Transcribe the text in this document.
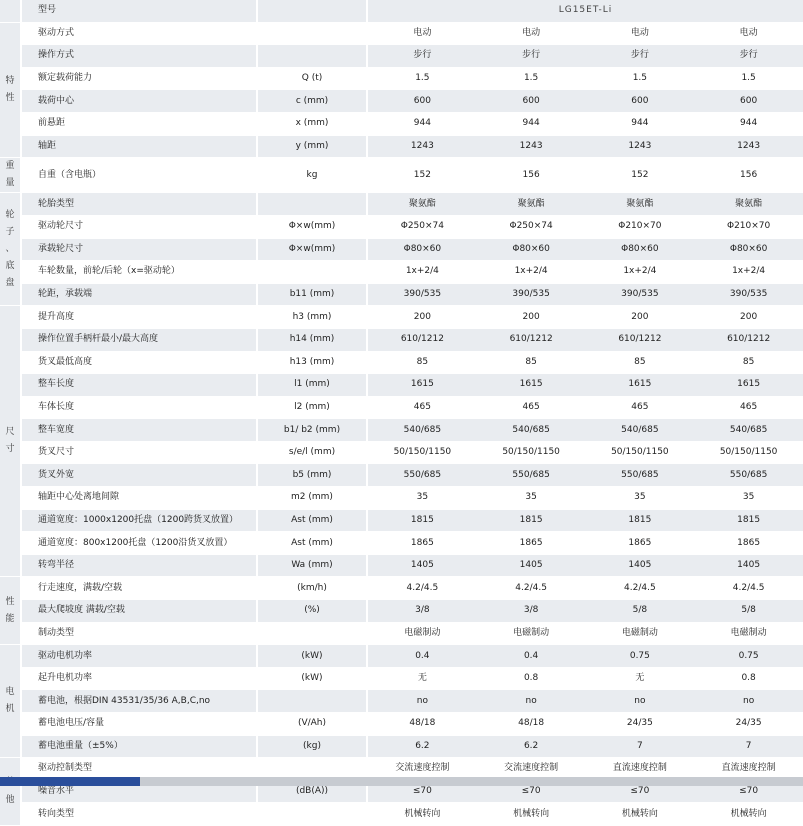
	型号		LG15ET-Li			

特
性	驱动方式		电动	电动	电动	电动
	操作方式		步行	步行	步行	步行
	额定载荷能力	Q (t)	1.5	1.5	1.5	1.5
	载荷中心	c (mm)	600	600	600	600
	前悬距	x (mm)	944	944	944	944
	轴距	y (mm)	1243	1243	1243	1243

重
量	自重（含电瓶）	kg	152	156	152	156

轮
子
、
底
盘	轮胎类型		聚氨酯	聚氨酯	聚氨酯	聚氨酯
	驱动轮尺寸	Φ×w(mm)	Φ250×74	Φ250×74	Φ210×70	Φ210×70
	承载轮尺寸	Φ×w(mm)	Φ80×60	Φ80×60	Φ80×60	Φ80×60
	车轮数量，前轮/后轮（x=驱动轮）		1x+2/4	1x+2/4	1x+2/4	1x+2/4
	轮距，承载端	b11 (mm)	390/535	390/535	390/535	390/535

尺
寸	提升高度	h3 (mm)	200	200	200	200
	操作位置手柄杆最小/最大高度	h14 (mm)	610/1212	610/1212	610/1212	610/1212
	货叉最低高度	h13 (mm)	85	85	85	85
	整车长度	l1 (mm)	1615	1615	1615	1615
	车体长度	l2 (mm)	465	465	465	465
	整车宽度	b1/ b2 (mm)	540/685	540/685	540/685	540/685
	货叉尺寸	s/e/l (mm)	50/150/1150	50/150/1150	50/150/1150	50/150/1150
	货叉外宽	b5 (mm)	550/685	550/685	550/685	550/685
	轴距中心处离地间隙	m2 (mm)	35	35	35	35
	通道宽度：1000x1200托盘（1200跨货叉放置）	Ast (mm)	1815	1815	1815	1815
	通道宽度：800x1200托盘（1200沿货叉放置）	Ast (mm)	1865	1865	1865	1865
	转弯半径	Wa (mm)	1405	1405	1405	1405

性
能	行走速度，满载/空载	(km/h)	4.2/4.5	4.2/4.5	4.2/4.5	4.2/4.5
	最大爬坡度 满载/空载	(%)	3/8	3/8	5/8	5/8
	制动类型		电磁制动	电磁制动	电磁制动	电磁制动

电
机	驱动电机功率	(kW)	0.4	0.4	0.75	0.75
	起升电机功率	(kW)	无	0.8	无	0.8
	蓄电池，根据DIN 43531/35/36 A,B,C,no		no	no	no	no
	蓄电池电压/容量	(V/Ah)	48/18	48/18	24/35	24/35
	蓄电池重量（±5%）	(kg)	6.2	6.2	7	7

他	驱动控制类型		交流速度控制	交流速度控制	直流速度控制	直流速度控制
	噪音水平	(dB(A))	≤70	≤70	≤70	≤70
	转向类型		机械转向	机械转向	机械转向	机械转向
